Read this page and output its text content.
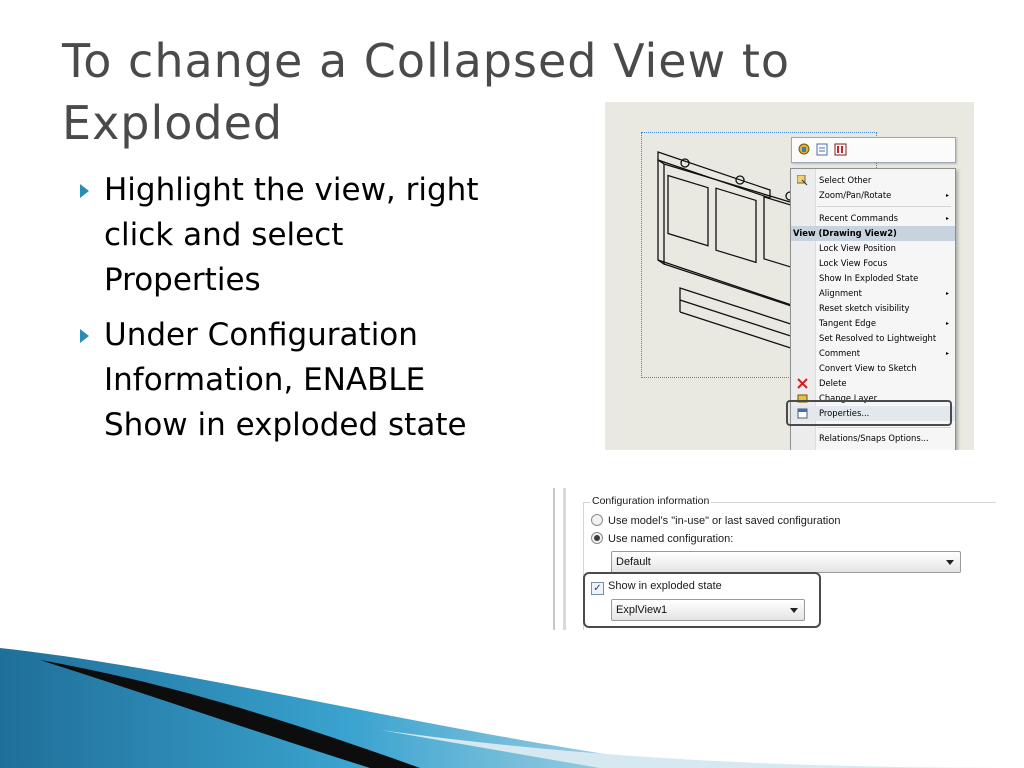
To change a Collapsed View to Exploded
Highlight the view, right click and select Properties
Under Configuration Information, ENABLE Show in exploded state
Select Other
Zoom/Pan/Rotate	▸
Recent Commands	▸
View (Drawing View2)
Lock View Position
Lock View Focus
Show In Exploded State
Alignment	▸
Reset sketch visibility
Tangent Edge	▸
Set Resolved to Lightweight
Comment	▸
Convert View to Sketch
Delete
Change Layer
Properties...
Relations/Snaps Options...
Configuration information
Use model's "in-use" or last saved configuration
Use named configuration:
Default
✓ Show in exploded state
ExplView1
